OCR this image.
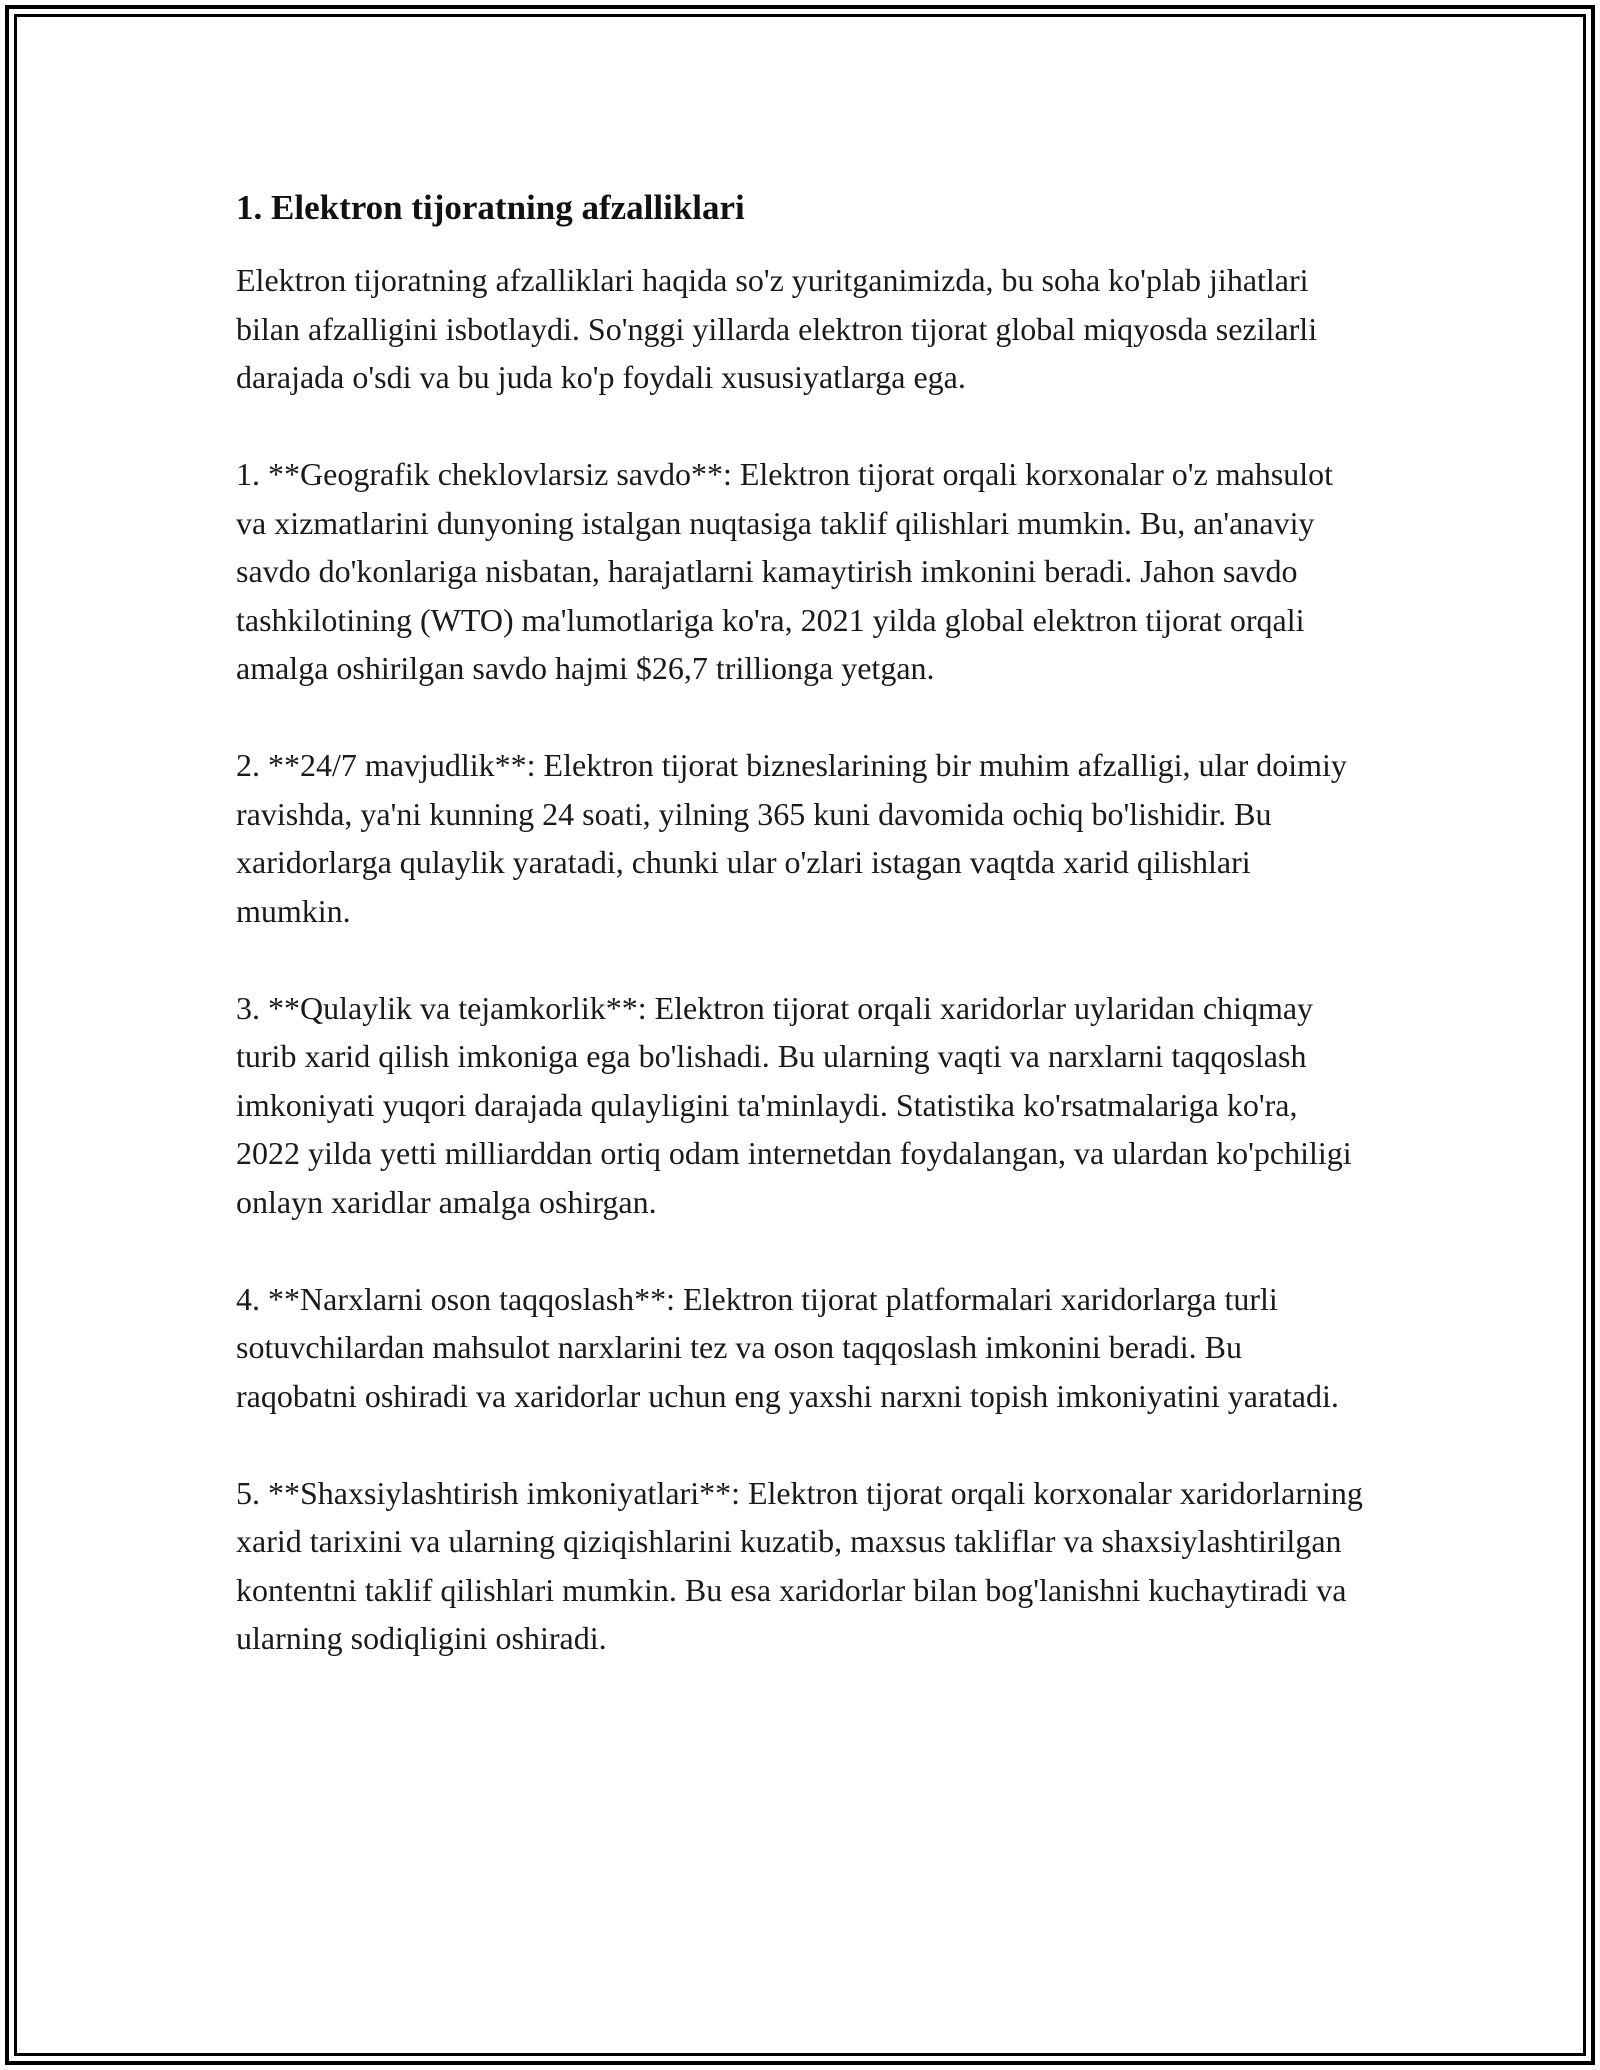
1. Elektron tijoratning afzalliklari

Elektron tijoratning afzalliklari haqida so'z yuritganimizda, bu soha ko'plab jihatlari bilan afzalligini isbotlaydi. So'nggi yillarda elektron tijorat global miqyosda sezilarli darajada o'sdi va bu juda ko'p foydali xususiyatlarga ega.

1. **Geografik cheklovlarsiz savdo**: Elektron tijorat orqali korxonalar o'z mahsulot va xizmatlarini dunyoning istalgan nuqtasiga taklif qilishlari mumkin. Bu, an'anaviy savdo do'konlariga nisbatan, harajatlarni kamaytirish imkonini beradi. Jahon savdo tashkilotining (WTO) ma'lumotlariga ko'ra, 2021 yilda global elektron tijorat orqali amalga oshirilgan savdo hajmi $26,7 trillionga yetgan.

2. **24/7 mavjudlik**: Elektron tijorat bizneslarining bir muhim afzalligi, ular doimiy ravishda, ya'ni kunning 24 soati, yilning 365 kuni davomida ochiq bo'lishidir. Bu xaridorlarga qulaylik yaratadi, chunki ular o'zlari istagan vaqtda xarid qilishlari mumkin.

3. **Qulaylik va tejamkorlik**: Elektron tijorat orqali xaridorlar uylaridan chiqmay turib xarid qilish imkoniga ega bo'lishadi. Bu ularning vaqti va narxlarni taqqoslash imkoniyati yuqori darajada qulayligini ta'minlaydi. Statistika ko'rsatmalariga ko'ra, 2022 yilda yetti milliarddan ortiq odam internetdan foydalangan, va ulardan ko'pchiligi onlayn xaridlar amalga oshirgan.

4. **Narxlarni oson taqqoslash**: Elektron tijorat platformalari xaridorlarga turli sotuvchilardan mahsulot narxlarini tez va oson taqqoslash imkonini beradi. Bu raqobatni oshiradi va xaridorlar uchun eng yaxshi narxni topish imkoniyatini yaratadi.

5. **Shaxsiylashtirish imkoniyatlari**: Elektron tijorat orqali korxonalar xaridorlarning xarid tarixini va ularning qiziqishlarini kuzatib, maxsus takliflar va shaxsiylashtirilgan kontentni taklif qilishlari mumkin. Bu esa xaridorlar bilan bog'lanishni kuchaytiradi va ularning sodiqligini oshiradi.
